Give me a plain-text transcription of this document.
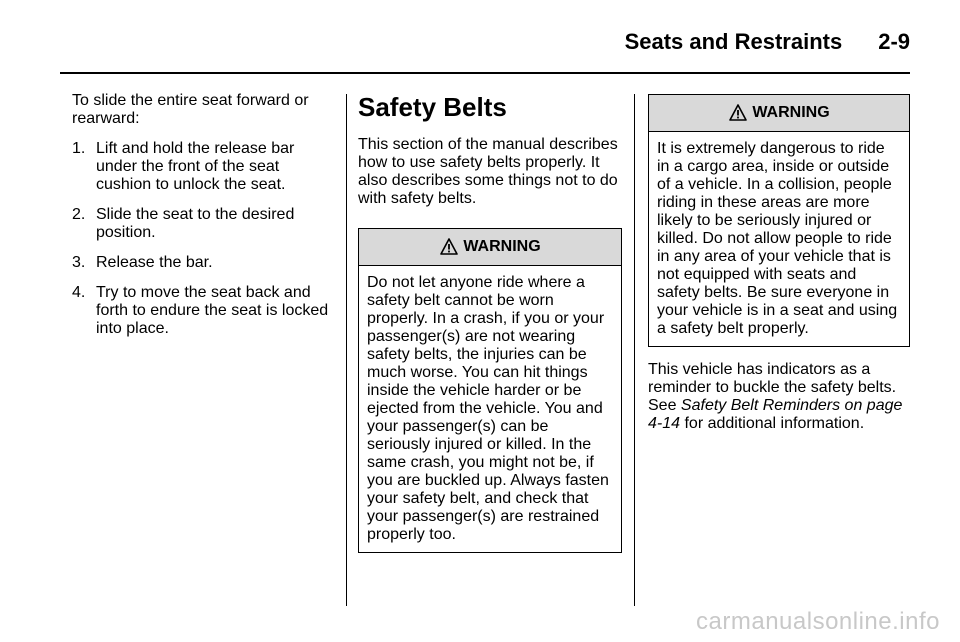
Seats and Restraints 2-9

To slide the entire seat forward or rearward:

1. Lift and hold the release bar under the front of the seat cushion to unlock the seat.
2. Slide the seat to the desired position.
3. Release the bar.
4. Try to move the seat back and forth to endure the seat is locked into place.
Safety Belts

This section of the manual describes how to use safety belts properly. It also describes some things not to do with safety belts.

WARNING
Do not let anyone ride where a safety belt cannot be worn properly. In a crash, if you or your passenger(s) are not wearing safety belts, the injuries can be much worse. You can hit things inside the vehicle harder or be ejected from the vehicle. You and your passenger(s) can be seriously injured or killed. In the same crash, you might not be, if you are buckled up. Always fasten your safety belt, and check that your passenger(s) are restrained properly too.
WARNING
It is extremely dangerous to ride in a cargo area, inside or outside of a vehicle. In a collision, people riding in these areas are more likely to be seriously injured or killed. Do not allow people to ride in any area of your vehicle that is not equipped with seats and safety belts. Be sure everyone in your vehicle is in a seat and using a safety belt properly.

This vehicle has indicators as a reminder to buckle the safety belts. See Safety Belt Reminders on page 4-14 for additional information.

carmanualsonline.info
